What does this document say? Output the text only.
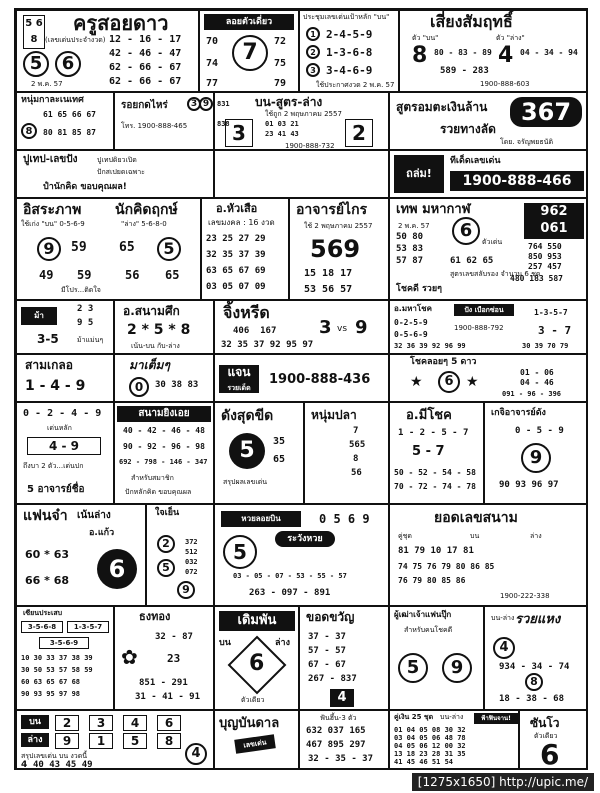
ครูสอยดาว
(เลขเด่นประจำงวด)
5 6
8
5	6
2 พ.ค. 57
12 - 16 - 17
42 - 46 - 47
62 - 66 - 67
62 - 66 - 67
ลอยตัวเดี่ยว
7
70	72
74	75
77	79
ประชุมเลขเด่นเป้าหลัก "บน"
1
2
3
2-4-5-9
1-3-6-8
3-4-6-9
ใช้ประกาศงวด 2 พ.ค. 57
เสี่ยงสัมฤทธิ์
ตัว "บน"	ตัว "ล่าง"
8	4
80 - 83 - 89	04 - 34 - 94
589 - 283
1900-888-603
หนุ่มกาละเนเทศ
8
61 65 66 67
80 81 85 87
รอยกดไหร่	3 9
โทร. 1900-888-465
บน-สูตร-ล่าง
ใช้ถูก 2 พฤษภาคม 2557
831
838 3	2
01 03 21
23 41 43
1900-888-732
สูตรอมตะเงินล้าน	367
รวยทางลัด
โดย. จรัญพยธนัติ
ปูเทป-เลขปัง	ปูเทปดิยวเปิด
ปักสเปยดเฉพาะ
ปำนักคิด ขอบคุณผล!
ถล่ม!
ทีเด็ดเลขเด่น
1900-888-466
อิสระภาพ นักคิดฤกษ์
ใช้เก่ง "บน" 0-5-6-9	"ล่าง" 5-6-8-0
9	59 65	5
49 59	56 65
มีโปร...ติดใจ
อ.หัวเสือ
เลขมงคล : 16 งวด
23 25 27 29
32 35 37 39
63 65 67 69
03 05 07 09
อาจารย์ไกร
ใช้ 2 พฤษภาคม 2557
569
15 18 17
53 56 57
เทพ มหากาฬ
2 พ.ค. 57
962
061
6
ตัวเด่น
50 80
53 83
57 87	61 62 65
764 550
850 953
257 457
480 183 587
สูตรเลขสลับรอง จำนวน 6 ชุด
โชคดี รวยๆ
ม้า
2 3
9 5
3-5	ม้าแม่นๆ
อ.สนามศึก
2 * 5 * 8
เน้น-บน กับ-ล่าง
จิ้งหรีด
406 167
32 35 37 92 95 97
3 vs 9
อ.มหาโชค	ปัง เบือกซ่อน
0-2-5-9
0-5-6-9
1900-888-792
1-3-5-7
3 - 7
32 36 39 92 96 99	30 39 70 79
สามเกลอ
1 - 4 - 9
มาเต็มๆ
0	30 38 83
แจน
รวยเด็ด
1900-888-436
โชคลอยๆ 5 ดาว
★	★
6
01 - 06
04 - 46
091 - 96 - 396
0 - 2 - 4 - 9
เด่นหลัก
4 - 9
ถึงบา 2 ตัว...เด่นปก
5 อาจารย์ชื่อ
สนามยิงเอย
40 - 42 - 46 - 48
90 - 92 - 96 - 98
692 - 798 - 146 - 347
สำหรับสมาชิก
ปักหลักคิด ขอบคุณผล
ดังสุดขีด
5	35
65
สรุปผลเลขเด่น
หนุ่มปลา
7
565
8
56
อ.มีโชค
1 - 2 - 5 - 7
5 - 7
50 - 52 - 54 - 58
70 - 72 - 74 - 78
เกจิอาจารย์ดัง
0 - 5 - 9
9
90 93 96 97
แฟนจ๋า เน้นล่าง
อ.แก้ว
60 * 63
66 * 68	6
ใจเย็น
2
5
9
372
512
032
072
หวยลอยบิน	0 5 6 9
ระวังหวย
5
03 - 05 - 07 - 53 - 55 - 57
263 - 097 - 891
ยอดเลขสนาม
คู่ชุด	บน	ล่าง
81 79 10 17 81
74 75 76 79 80 86 85
76 79 80 85 86
1900-222-338
เซียนประเสบ
3-5-6-8	1-3-5-7
3-5-6-9
10 30 33 37 38 39
30 50 53 57 58 59
60 63 65 67 68
90 93 95 97 98
ธงทอง
32 - 87
✿	23
851 - 291
31 - 41 - 91
เดิมพัน
6
บน	ล่าง
ตัวเดียว
ขอดขวัญ
37 - 37
57 - 57
67 - 67
267 - 837
4
ผู้เฒ่าเจ้าแฟนปุ๊ก
สำหรับคนโชคดี
5	9
รวยแหง
บน-ล่าง
4
934 - 34 - 74
8
18 - 38 - 68
บน
ล่าง
2	3	4	6
9	1	5	8
สรุปเลขเด่น บน งวดนี้
40 43 45 49
4
4
บุญบันดาล
เลขเด่น
ฟันฮึ้น-3 ตัว
632 037 165
467 895 297
32 - 35 - 37
คู่เงิน 25 ชุด บน-ล่าง	ฟ้าฟินจาน!
01 04 05 08 30 32
03 04 05 06 48 78
04 05 06 12 00 32
13 18 23 28 31 35
41 45 46 51 54
ซันโว
ตัวเดียว
6
[1275x1650] http://upic.me/
